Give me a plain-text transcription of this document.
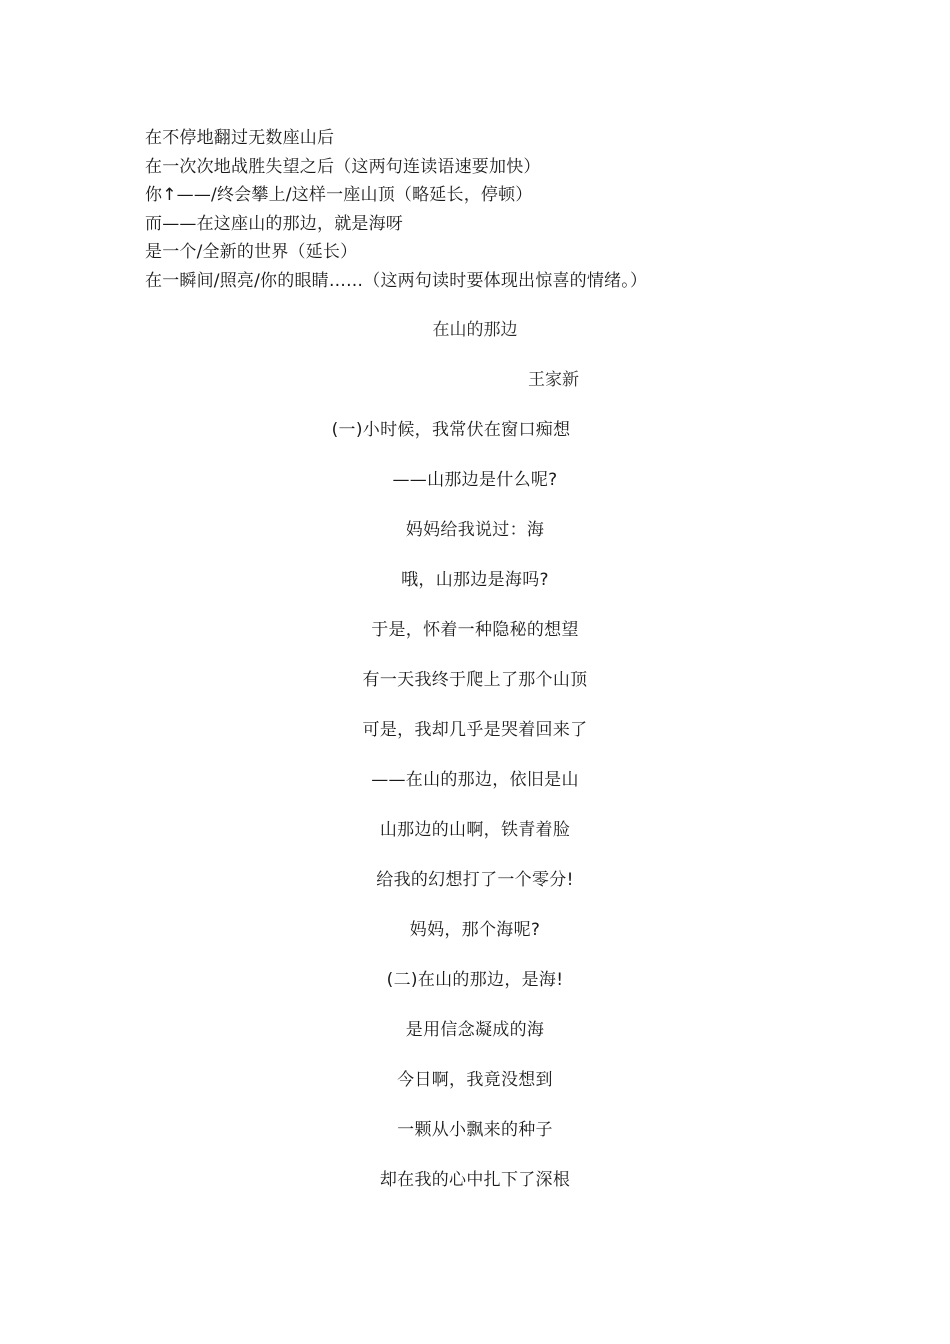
在不停地翻过无数座山后
在一次次地战胜失望之后（这两句连读语速要加快）
你↑——/终会攀上/这样一座山顶（略延长，停顿）
而——在这座山的那边，就是海呀
是一个/全新的世界（延长）
在一瞬间/照亮/你的眼睛……（这两句读时要体现出惊喜的情绪。）
在山的那边
王家新
(一)小时候，我常伏在窗口痴想
——山那边是什么呢?
妈妈给我说过：海
哦，山那边是海吗?
于是，怀着一种隐秘的想望
有一天我终于爬上了那个山顶
可是，我却几乎是哭着回来了
——在山的那边，依旧是山
山那边的山啊，铁青着脸
给我的幻想打了一个零分!
妈妈，那个海呢?
(二)在山的那边，是海!
是用信念凝成的海
今日啊，我竟没想到
一颗从小飘来的种子
却在我的心中扎下了深根
